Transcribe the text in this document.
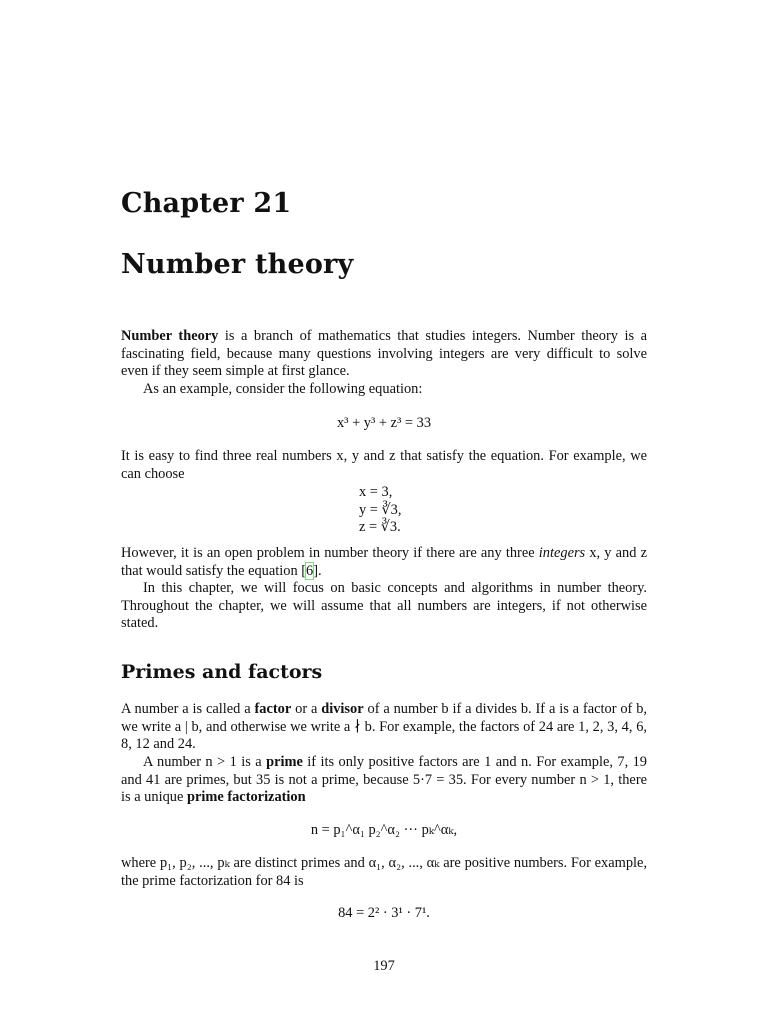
Chapter 21
Number theory

Number theory is a branch of mathematics that studies integers. Number theory is a fascinating field, because many questions involving integers are very difficult to solve even if they seem simple at first glance.

As an example, consider the following equation:

x³ + y³ + z³ = 33

It is easy to find three real numbers x, y and z that satisfy the equation. For example, we can choose

x = 3,
y = ∛3,
z = ∛3.

However, it is an open problem in number theory if there are any three integers x, y and z that would satisfy the equation [6].

In this chapter, we will focus on basic concepts and algorithms in number theory. Throughout the chapter, we will assume that all numbers are integers, if not otherwise stated.

Primes and factors

A number a is called a factor or a divisor of a number b if a divides b. If a is a factor of b, we write a | b, and otherwise we write a ∤ b. For example, the factors of 24 are 1, 2, 3, 4, 6, 8, 12 and 24.

A number n > 1 is a prime if its only positive factors are 1 and n. For example, 7, 19 and 41 are primes, but 35 is not a prime, because 5·7 = 35. For every number n > 1, there is a unique prime factorization

n = p₁^α₁ p₂^α₂ ··· pₖ^αₖ,

where p₁, p₂, ..., pₖ are distinct primes and α₁, α₂, ..., αₖ are positive numbers. For example, the prime factorization for 84 is

84 = 2² · 3¹ · 7¹.
197
